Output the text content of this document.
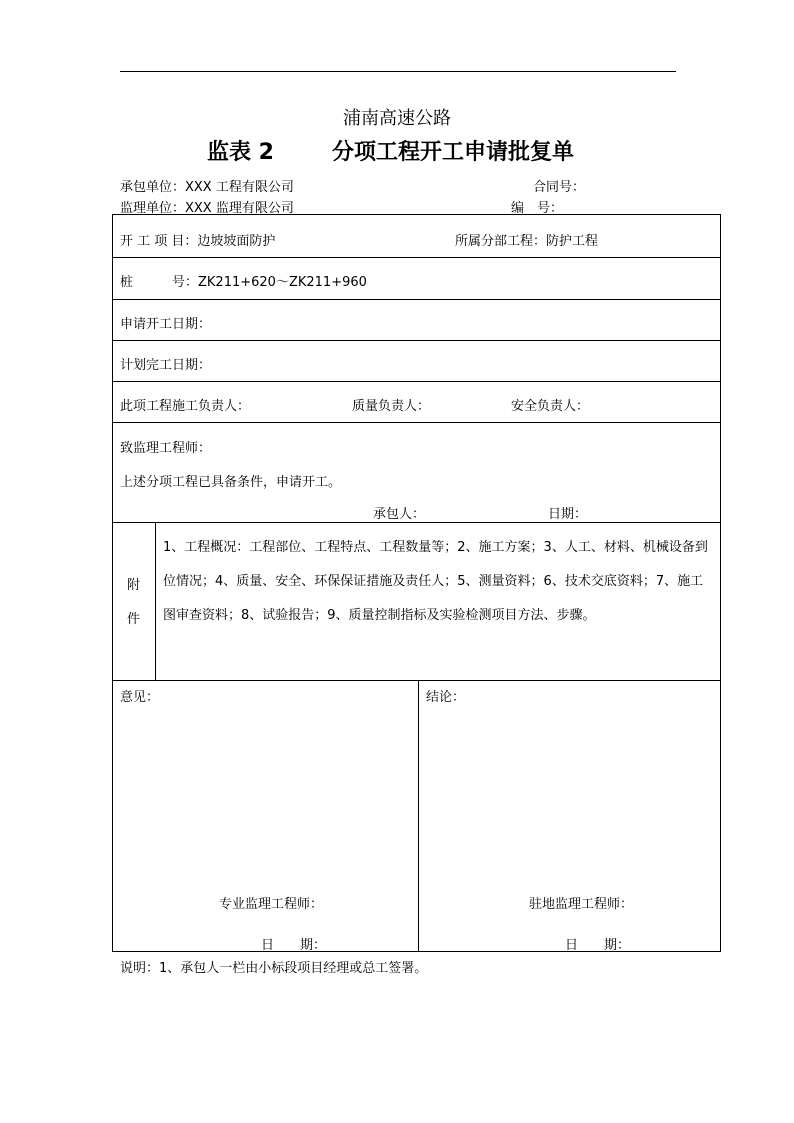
浦南高速公路
监表 2	分项工程开工申请批复单
承包单位：XXX 工程有限公司	合同号：
监理单位：XXX 监理有限公司	编　号：
开 工 项 目：边坡坡面防护	所属分部工程：防护工程
桩　　　号：ZK211+620～ZK211+960
申请开工日期：
计划完工日期：
此项工程施工负责人：	质量负责人：	安全负责人：
致监理工程师：
上述分项工程已具备条件，申请开工。
承包人：	日期：
附
件
1、工程概况：工程部位、工程特点、工程数量等；2、施工方案；3、人工、材料、机械设备到位情况；4、质量、安全、环保保证措施及责任人；5、测量资料；6、技术交底资料；7、施工图审查资料；8、试验报告；9、质量控制指标及实验检测项目方法、步骤。
意见：
专业监理工程师：
日　　期：
结论：
驻地监理工程师：
日　　期：
说明：1、承包人一栏由小标段项目经理或总工签署。
